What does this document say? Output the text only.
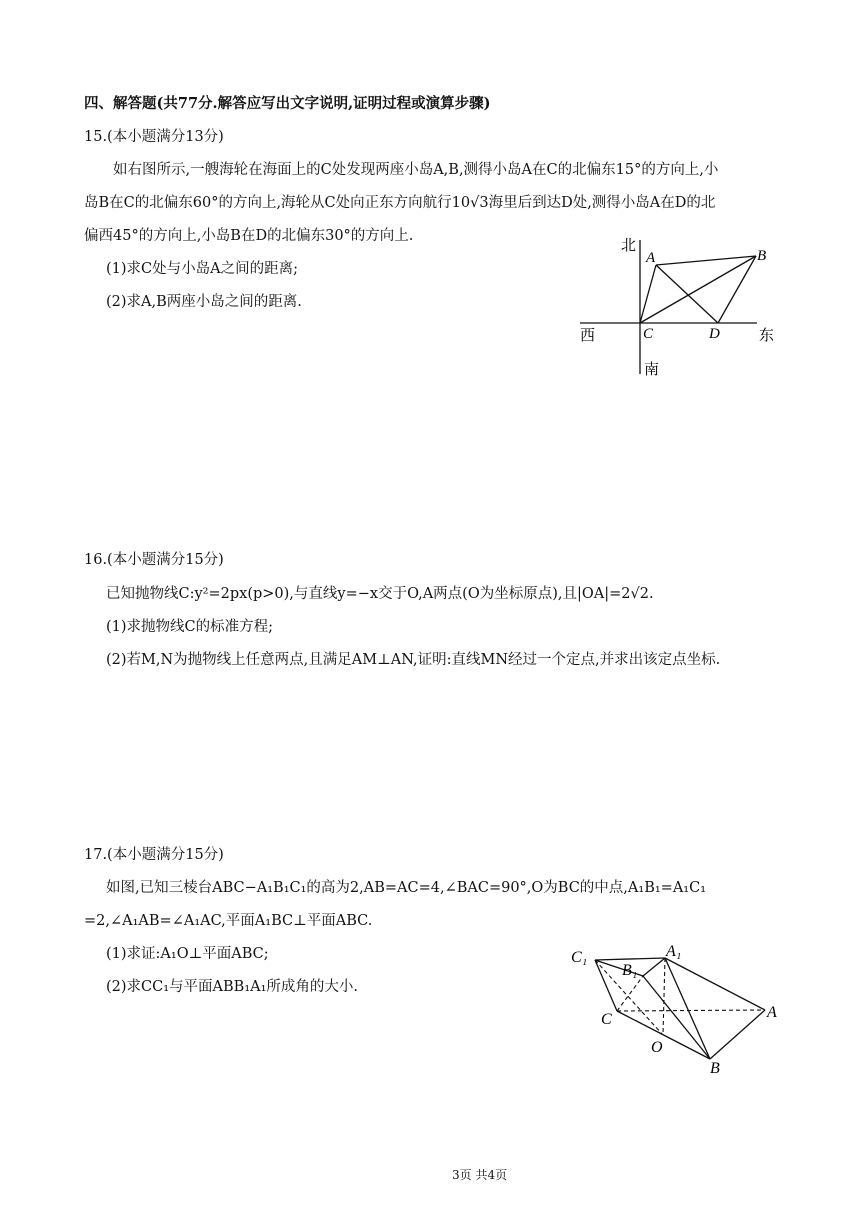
四、解答题(共77分.解答应写出文字说明,证明过程或演算步骤)
15.(本小题满分13分)
如右图所示,一艘海轮在海面上的C处发现两座小岛A,B,测得小岛A在C的北偏东15°的方向上,小
岛B在C的北偏东60°的方向上,海轮从C处向正东方向航行10√3海里后到达D处,测得小岛A在D的北
偏西45°的方向上,小岛B在D的北偏东30°的方向上.
(1)求C处与小岛A之间的距离;
(2)求A,B两座小岛之间的距离.
北
南
西	东
A	B
C	D
16.(本小题满分15分)
已知抛物线C:y²=2px(p>0),与直线y=−x交于O,A两点(O为坐标原点),且|OA|=2√2.
(1)求抛物线C的标准方程;
(2)若M,N为抛物线上任意两点,且满足AM⊥AN,证明:直线MN经过一个定点,并求出该定点坐标.
17.(本小题满分15分)
如图,已知三棱台ABC−A₁B₁C₁的高为2,AB=AC=4,∠BAC=90°,O为BC的中点,A₁B₁=A₁C₁
=2,∠A₁AB=∠A₁AC,平面A₁BC⊥平面ABC.
(1)求证:A₁O⊥平面ABC;
(2)求CC₁与平面ABB₁A₁所成角的大小.
C₁	A₁
B₁
C	A
O
B
3页 共4页
